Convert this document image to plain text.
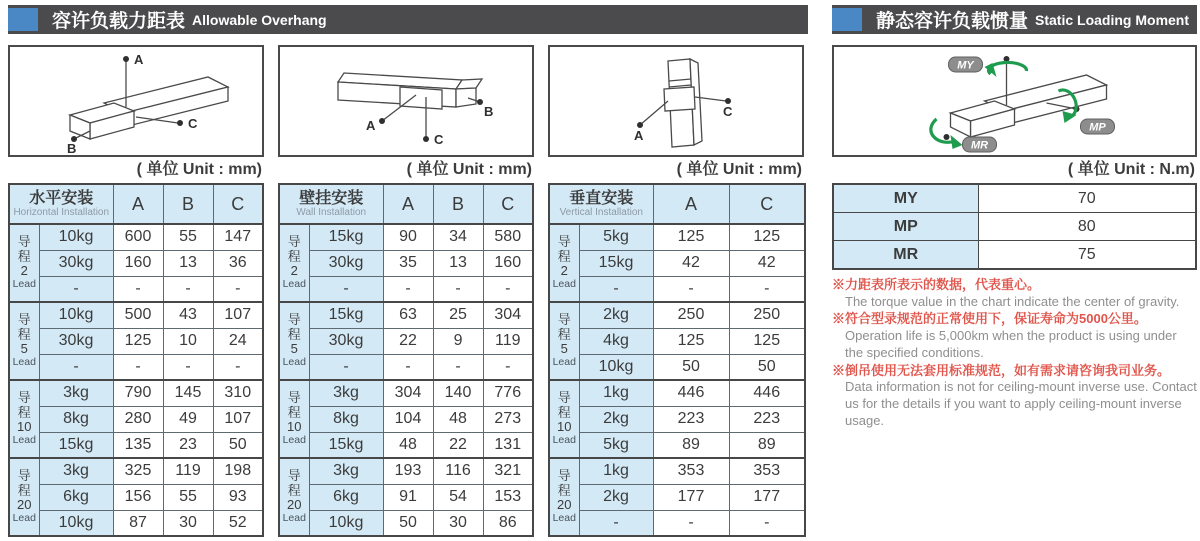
容许负载力距表 Allowable Overhang	静态容许负载惯量 Static Loading Moment
A
B
C
( 单位 Unit : mm)
水平安装
Horizontal Installation		A	B	C

导
程
2
Lead	10kg	600	55	147
	30kg	160	13	36
	-	-	-	-

导
程
5
Lead	10kg	500	43	107
	30kg	125	10	24
	-	-	-	-

导
程
10
Lead	3kg	790	145	310
	8kg	280	49	107
	15kg	135	23	50

导
程
20
Lead	3kg	325	119	198
	6kg	156	55	93
	10kg	87	30	52
B
A
C
( 单位 Unit : mm)
壁挂安装
Wall Installation		A	B	C

导
程
2
Lead	15kg	90	34	580
	30kg	35	13	160
	-	-	-	-

导
程
5
Lead	15kg	63	25	304
	30kg	22	9	119
	-	-	-	-

导
程
10
Lead	3kg	304	140	776
	8kg	104	48	273
	15kg	48	22	131

导
程
20
Lead	3kg	193	116	321
	6kg	91	54	153
	10kg	50	30	86
A
C
( 单位 Unit : mm)
垂直安装
Vertical Installation		A	C

导
程
2
Lead	5kg	125	125
	15kg	42	42
	-	-	-

导
程
5
Lead	2kg	250	250
	4kg	125	125
	10kg	50	50

导
程
10
Lead	1kg	446	446
	2kg	223	223
	5kg	89	89

导
程
20
Lead	1kg	353	353
	2kg	177	177
	-	-	-
MY
MP
MR
( 单位 Unit : N.m)
MY	70
MP	80
MR	75
※力距表所表示的数据，代表重心。
The torque value in the chart indicate the center of gravity.
※符合型录规范的正常使用下，保证寿命为5000公里。
Operation life is 5,000km when the product is using under the specified conditions.
※倒吊使用无法套用标准规范，如有需求请咨询我司业务。
Data information is not for ceiling-mount inverse use. Contact us for the details if you want to apply ceiling-mount inverse usage.
